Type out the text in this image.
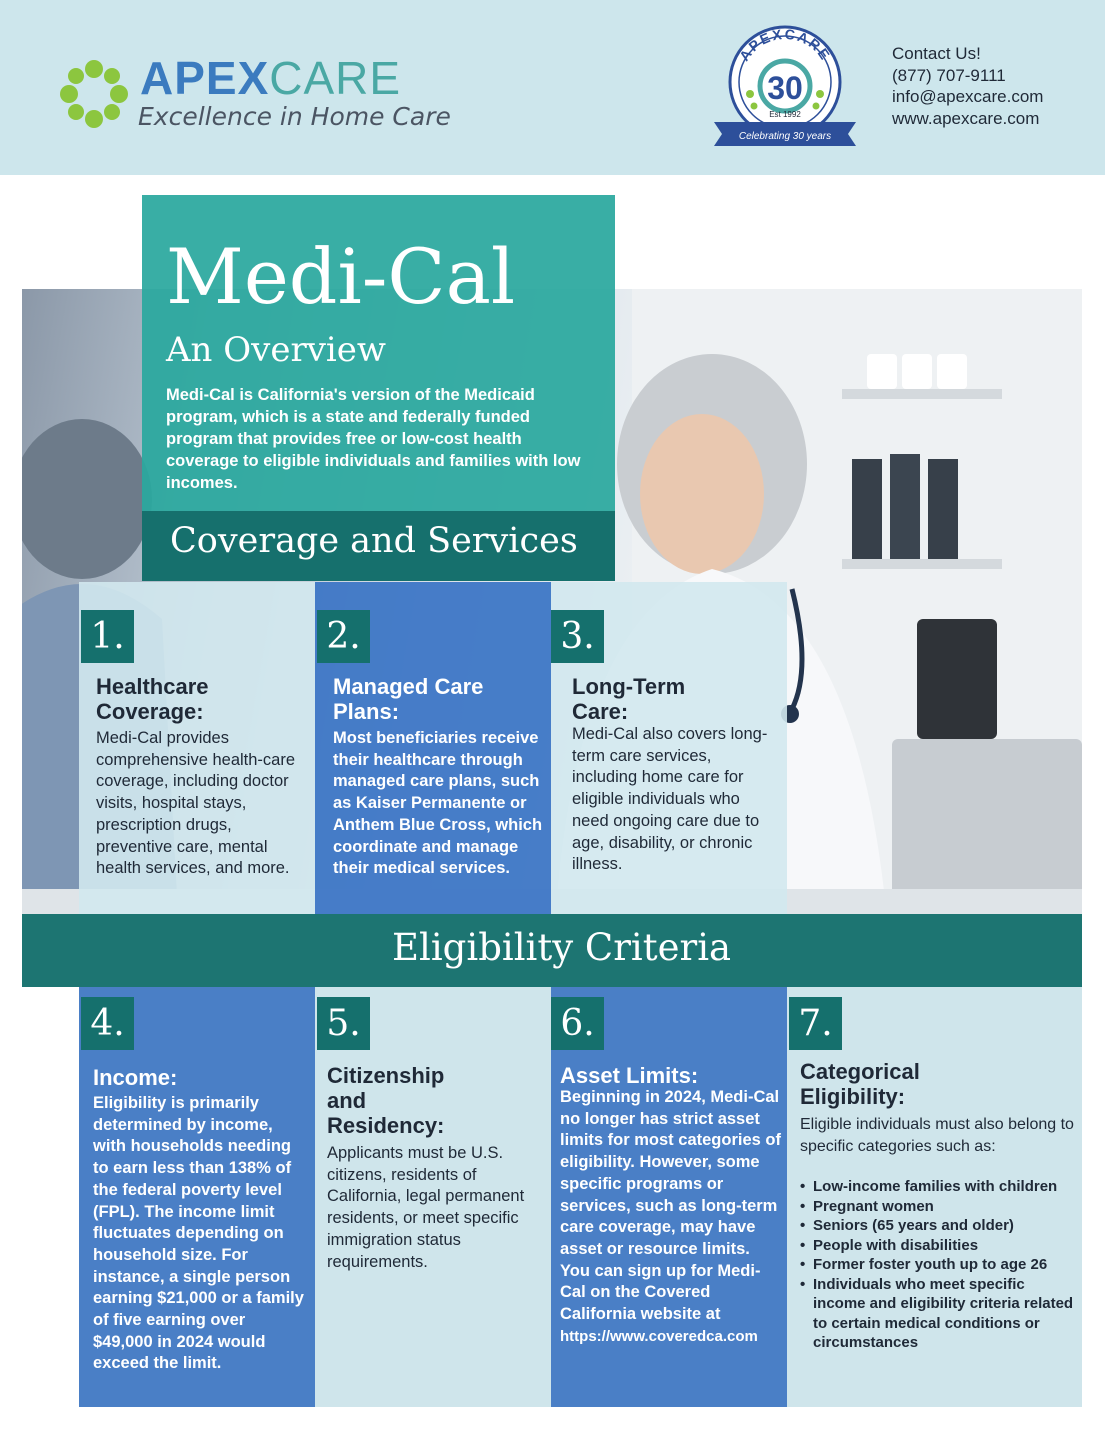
APEXCARE
Excellence in Home Care
APEXCARE
30
Est 1992
Celebrating 30 years
Contact Us!
(877) 707-9111
info@apexcare.com
www.apexcare.com
Medi-Cal
An Overview
Medi-Cal is California's version of the Medicaid program, which is a state and federally funded program that provides free or low-cost health coverage to eligible individuals and families with low incomes.
Coverage and Services
1.
Healthcare Coverage:
Medi-Cal provides comprehensive health-care coverage, including doctor visits, hospital stays, prescription drugs, preventive care, mental health services, and more.
2.
Managed Care Plans:
Most beneficiaries receive their healthcare through managed care plans, such as Kaiser Permanente or Anthem Blue Cross, which coordinate and manage their medical services.
3.
Long-Term Care:
Medi-Cal also covers long-term care services, including home care for eligible individuals who need ongoing care due to age, disability, or chronic illness.
Eligibility Criteria
4.
Income:
Eligibility is primarily determined by income, with households needing to earn less than 138% of the federal poverty level (FPL). The income limit fluctuates depending on household size. For instance, a single person earning $21,000 or a family of five earning over $49,000 in 2024 would exceed the limit.
5.
Citizenship and Residency:
Applicants must be U.S. citizens, residents of California, legal permanent residents, or meet specific immigration status requirements.
6.
Asset Limits:
Beginning in 2024, Medi-Cal no longer has strict asset limits for most categories of eligibility. However, some specific programs or services, such as long-term care coverage, may have asset or resource limits. You can sign up for Medi-Cal on the Covered California website at https://www.coveredca.com
7.
Categorical Eligibility:
Eligible individuals must also belong to specific categories such as:
• Low-income families with children
• Pregnant women
• Seniors (65 years and older)
• People with disabilities
• Former foster youth up to age 26
• Individuals who meet specific income and eligibility criteria related to certain medical conditions or circumstances
